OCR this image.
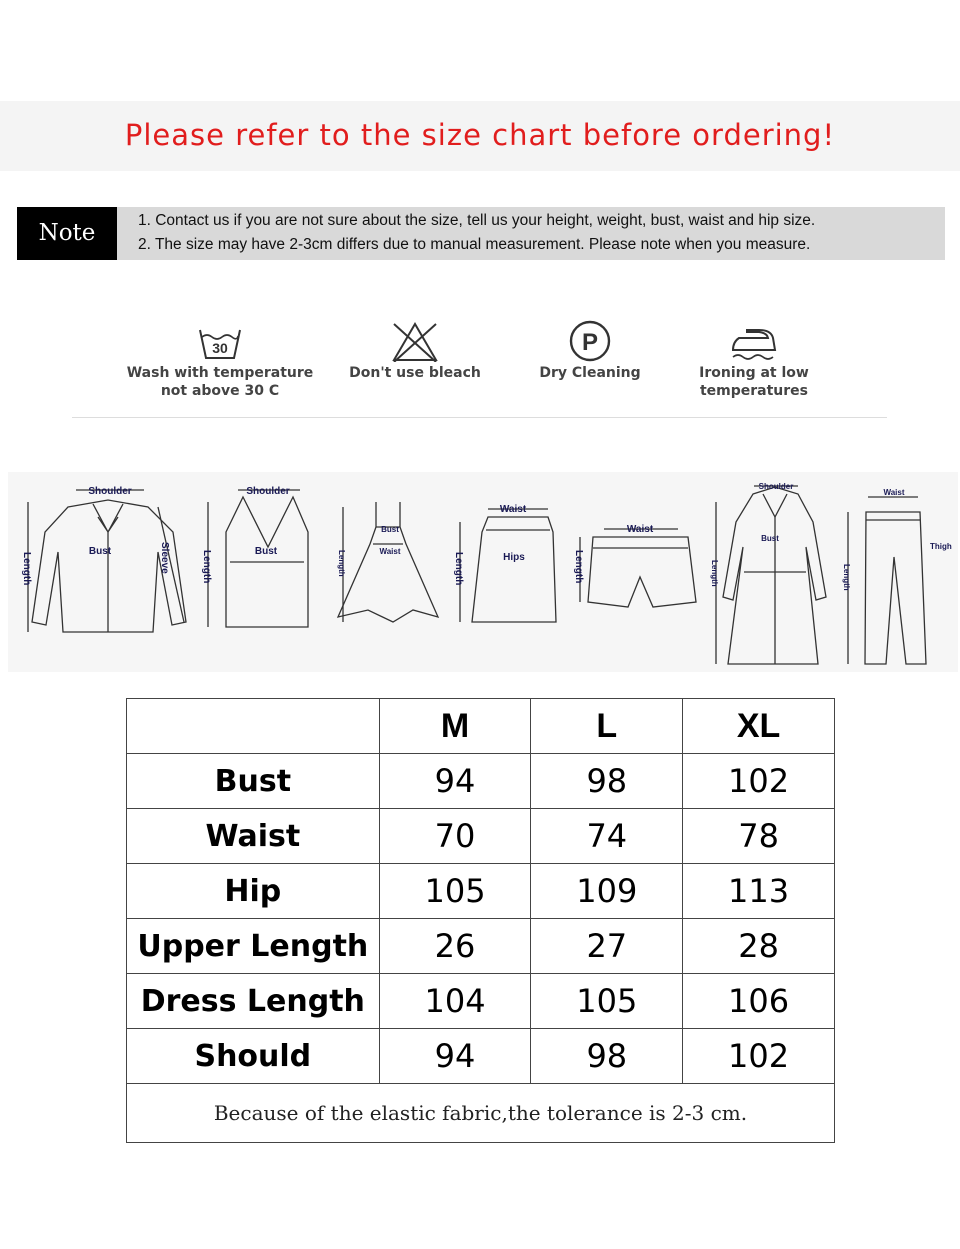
Please refer to the size chart before ordering!
Note	1. Contact us if you are not sure about the size, tell us your height, weight, bust, waist and hip size.
2. The size may have 2-3cm differs due to manual measurement. Please note when you measure.
30
Wash with temperature
not above 30 C
Don't use bleach
P
Dry Cleaning	Ironing at low
temperatures
Shoulder
Bust	Sleeve
Length
Shoulder
Bust
Length
Bust
Waist
Length
Waist
Hips
Length
Waist
Length
Shoulder
Bust
Length
Waist
Thigh
Length
	M	L	XL
Bust	94	98	102
Waist	70	74	78
Hip	105	109	113
Upper Length	26	27	28
Dress Length	104	105	106
Should	94	98	102
Because of the elastic fabric,the tolerance is 2-3 cm.			
